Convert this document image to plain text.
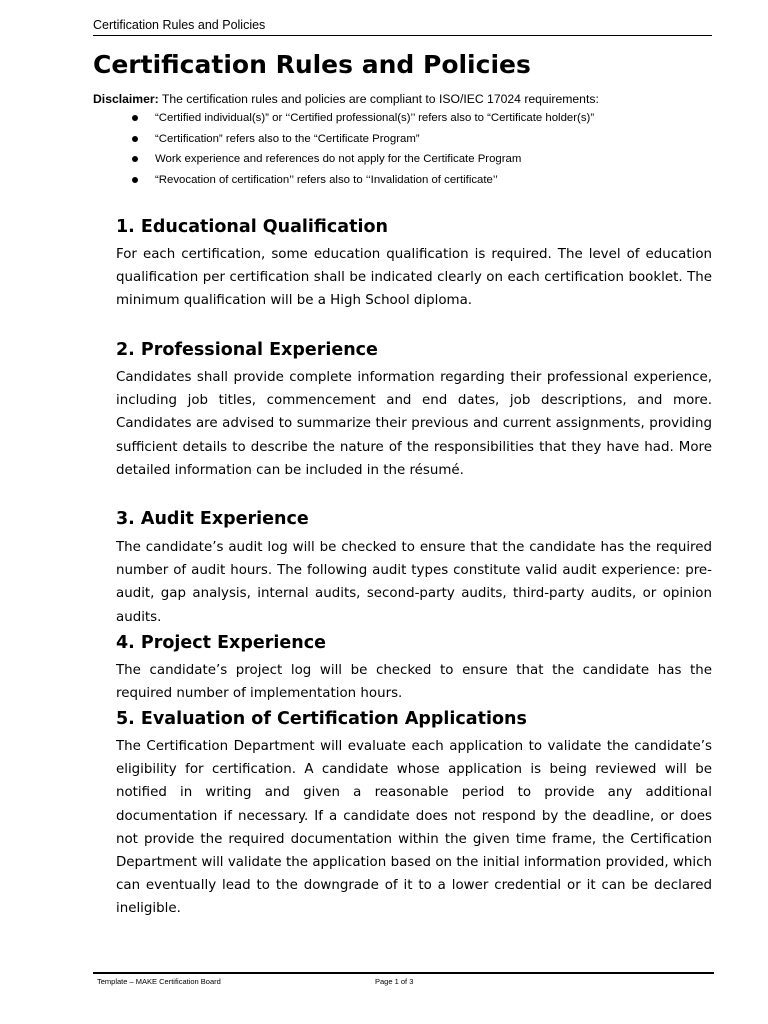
Certification Rules and Policies
Certification Rules and Policies
Disclaimer: The certification rules and policies are compliant to ISO/IEC 17024 requirements:
“Certified individual(s)” or ‘‘Certified professional(s)’’ refers also to “Certificate holder(s)”
“Certification” refers also to the “Certificate Program”
Work experience and references do not apply for the Certificate Program
“Revocation of certification’’ refers also to ‘‘Invalidation of certificate’’
1. Educational Qualification

For each certification, some education qualification is required. The level of education qualification per certification shall be indicated clearly on each certification booklet. The minimum qualification will be a High School diploma.

2. Professional Experience

Candidates shall provide complete information regarding their professional experience, including job titles, commencement and end dates, job descriptions, and more. Candidates are advised to summarize their previous and current assignments, providing sufficient details to describe the nature of the responsibilities that they have had. More detailed information can be included in the résumé.

3. Audit Experience

The candidate’s audit log will be checked to ensure that the candidate has the required number of audit hours. The following audit types constitute valid audit experience: pre-audit, gap analysis, internal audits, second-party audits, third-party audits, or opinion audits.

4. Project Experience

The candidate’s project log will be checked to ensure that the candidate has the required number of implementation hours.

5. Evaluation of Certification Applications

The Certification Department will evaluate each application to validate the candidate’s eligibility for certification. A candidate whose application is being reviewed will be notified in writing and given a reasonable period to provide any additional documentation if necessary. If a candidate does not respond by the deadline, or does not provide the required documentation within the given time frame, the Certification Department will validate the application based on the initial information provided, which can eventually lead to the downgrade of it to a lower credential or it can be declared ineligible.

Template – MAKE Certification Board	Page 1 of 3
